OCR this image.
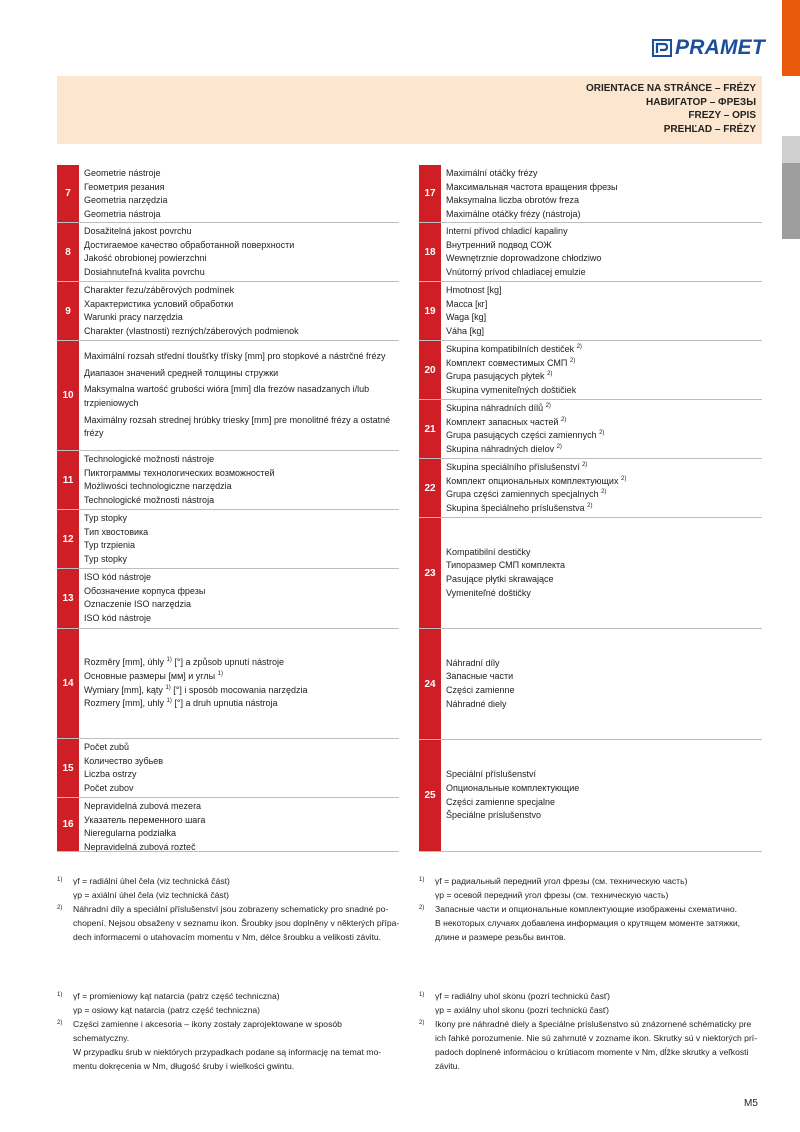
PRAMET
ORIENTACE NA STRÁNCE – FRÉZY
НАВИГАТОР – ФРЕЗЫ
FREZY – OPIS
PREHĽAD – FRÉZY
7
Geometrie nástroje
Геометрия резания
Geometria narzędzia
Geometria nástroja
8
Dosažitelná jakost povrchu
Достигаемое качество обработанной поверхности
Jakość obrobionej powierzchni
Dosiahnuteľná kvalita povrchu
9
Charakter řezu/záběrových podmínek
Характеристика условий обработки
Warunki pracy narzędzia
Charakter (vlastnosti) rezných/záberových podmienok
10
Maximální rozsah střední tloušťky třísky [mm] pro stopkové a nástrčné frézy
Диапазон значений средней толщины стружки
Maksymalna wartość grubości wióra [mm] dla frezów nasadzanych i/lub trzpieniowych
Maximálny rozsah strednej hrúbky triesky [mm] pre monolitné frézy a ostatné frézy
11
Technologické možnosti nástroje
Пиктограммы технологических возможностей
Możliwości technologiczne narzędzia
Technologické možnosti nástroja
12
Typ stopky
Тип хвостовика
Typ trzpienia
Typ stopky
13
ISO kód nástroje
Обозначение корпуса фрезы
Oznaczenie ISO narzędzia
ISO kód nástroje
14
Rozměry [mm], úhly $^{1)}$ [°] a způsob upnutí nástroje
Основные размеры [мм] и углы $^{1)}$
Wymiary [mm], kąty $^{1)}$ [°] i sposób mocowania narzędzia
Rozmery [mm], uhly $^{1)}$ [°] a druh upnutia nástroja
15
Počet zubů
Количество зубьев
Liczba ostrzy
Počet zubov
16
Nepravidelná zubová mezera
Указатель переменного шага
Nieregularna podziałka
Nepravidelná zubová rozteč
17
Maximální otáčky frézy
Максимальная частота вращения фрезы
Maksymalna liczba obrotów freza
Maximálne otáčky frézy (nástroja)
18
Interní přívod chladicí kapaliny
Внутренний подвод СОЖ
Wewnętrznie doprowadzone chłodziwo
Vnútorný prívod chladiacej emulzie
19
Hmotnost [kg]
Масса [кг]
Waga [kg]
Váha [kg]
20
Skupina kompatibilních destiček $^{2)}$
Комплект совместимых СМП $^{2)}$
Grupa pasujących płytek $^{2)}$
Skupina vymeniteľných doštičiek
21
Skupina náhradních dílů $^{2)}$
Комплект запасных частей $^{2)}$
Grupa pasujących części zamiennych $^{2)}$
Skupina náhradných dielov $^{2)}$
22
Skupina speciálního příslušenství $^{2)}$
Комплект опциональных комплектующих $^{2)}$
Grupa części zamiennych specjalnych $^{2)}$
Skupina špeciálneho príslušenstva $^{2)}$
23
Kompatibilní destičky
Типоразмер СМП комплекта
Pasujące płytki skrawające
Vymeniteľné doštičky
24
Náhradní díly
Запасные части
Części zamienne
Náhradné diely
25
Speciální příslušenství
Опциональные комплектующие
Części zamienne specjalne
Špeciálne príslušenstvo
1) γf = radiální úhel čela (viz technická část)
γp = axiální úhel čela (viz technická část)
2) Náhradní díly a speciální příslušenství jsou zobrazeny schematicky pro snadné po-
chopení. Nejsou obsaženy v seznamu ikon. Šroubky jsou doplněny v některých přípa-
dech informacemi o utahovacím momentu v Nm, délce šroubku a velikosti závitu.
1) γf = радиальный передний угол фрезы (см. техническую часть)
γp = осевой передний угол фрезы (см. техническую часть)
2) Запасные части и опциональные комплектующие изображены схематично.
В некоторых случаях добавлена информация о крутящем моменте затяжки,
длине и размере резьбы винтов.
1) γf = promieniowy kąt natarcia (patrz część techniczna)
γp = osiowy kąt natarcia (patrz część techniczna)
2) Części zamienne i akcesoria – ikony zostały zaprojektowane w sposób schematyczny.
W przypadku śrub w niektórych przypadkach podane są informację na temat mo-
mentu dokręcenia w Nm, długość śruby i wielkości gwintu.
1) γf = radiálny uhol skonu (pozri technickú časť)
γp = axiálny uhol skonu (pozri technickú časť)
2) Ikony pre náhradné diely a špeciálne príslušenstvo sú znázornené schématicky pre
ich ľahké porozumenie. Nie sú zahrnuté v zozname ikon. Skrutky sú v niektorých prí-
padoch doplnené informáciou o krútiacom momente v Nm, dĺžke skrutky a veľkosti
závitu.
M5
